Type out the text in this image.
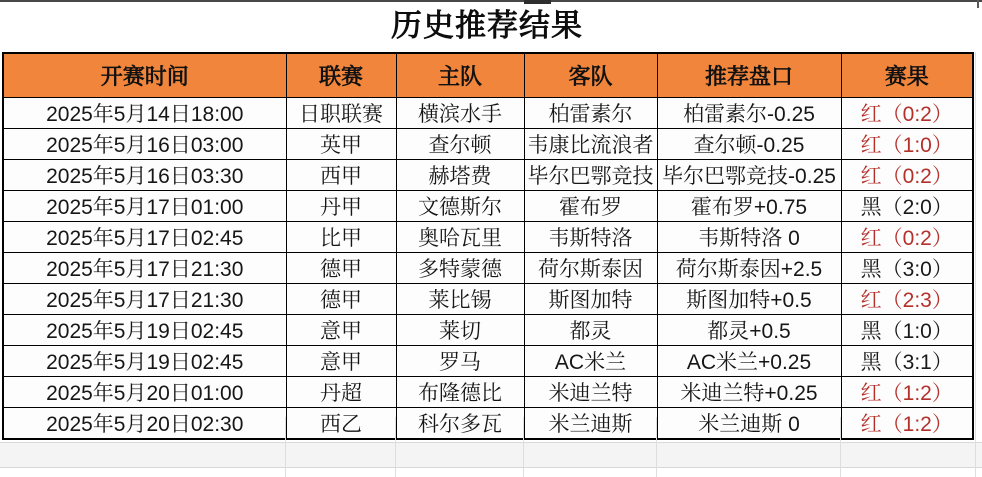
历史推荐结果
开赛时间	联赛	主队	客队	推荐盘口	赛果
2025年5月14日18:00	日职联赛	横滨水手	柏雷素尔	柏雷素尔-0.25	红（0:2）
2025年5月16日03:00	英甲	查尔顿	韦康比流浪者	查尔顿-0.25	红（1:0）
2025年5月16日03:30	西甲	赫塔费	毕尔巴鄂竞技	毕尔巴鄂竞技-0.25	红（0:2）
2025年5月17日01:00	丹甲	文德斯尔	霍布罗	霍布罗+0.75	黑（2:0）
2025年5月17日02:45	比甲	奥哈瓦里	韦斯特洛	韦斯特洛 0	红（0:2）
2025年5月17日21:30	德甲	多特蒙德	荷尔斯泰因	荷尔斯泰因+2.5	黑（3:0）
2025年5月17日21:30	德甲	莱比锡	斯图加特	斯图加特+0.5	红（2:3）
2025年5月19日02:45	意甲	莱切	都灵	都灵+0.5	黑（1:0）
2025年5月19日02:45	意甲	罗马	AC米兰	AC米兰+0.25	黑（3:1）
2025年5月20日01:00	丹超	布隆德比	米迪兰特	米迪兰特+0.25	红（1:2）
2025年5月20日02:30	西乙	科尔多瓦	米兰迪斯	米兰迪斯 0	红（1:2）
